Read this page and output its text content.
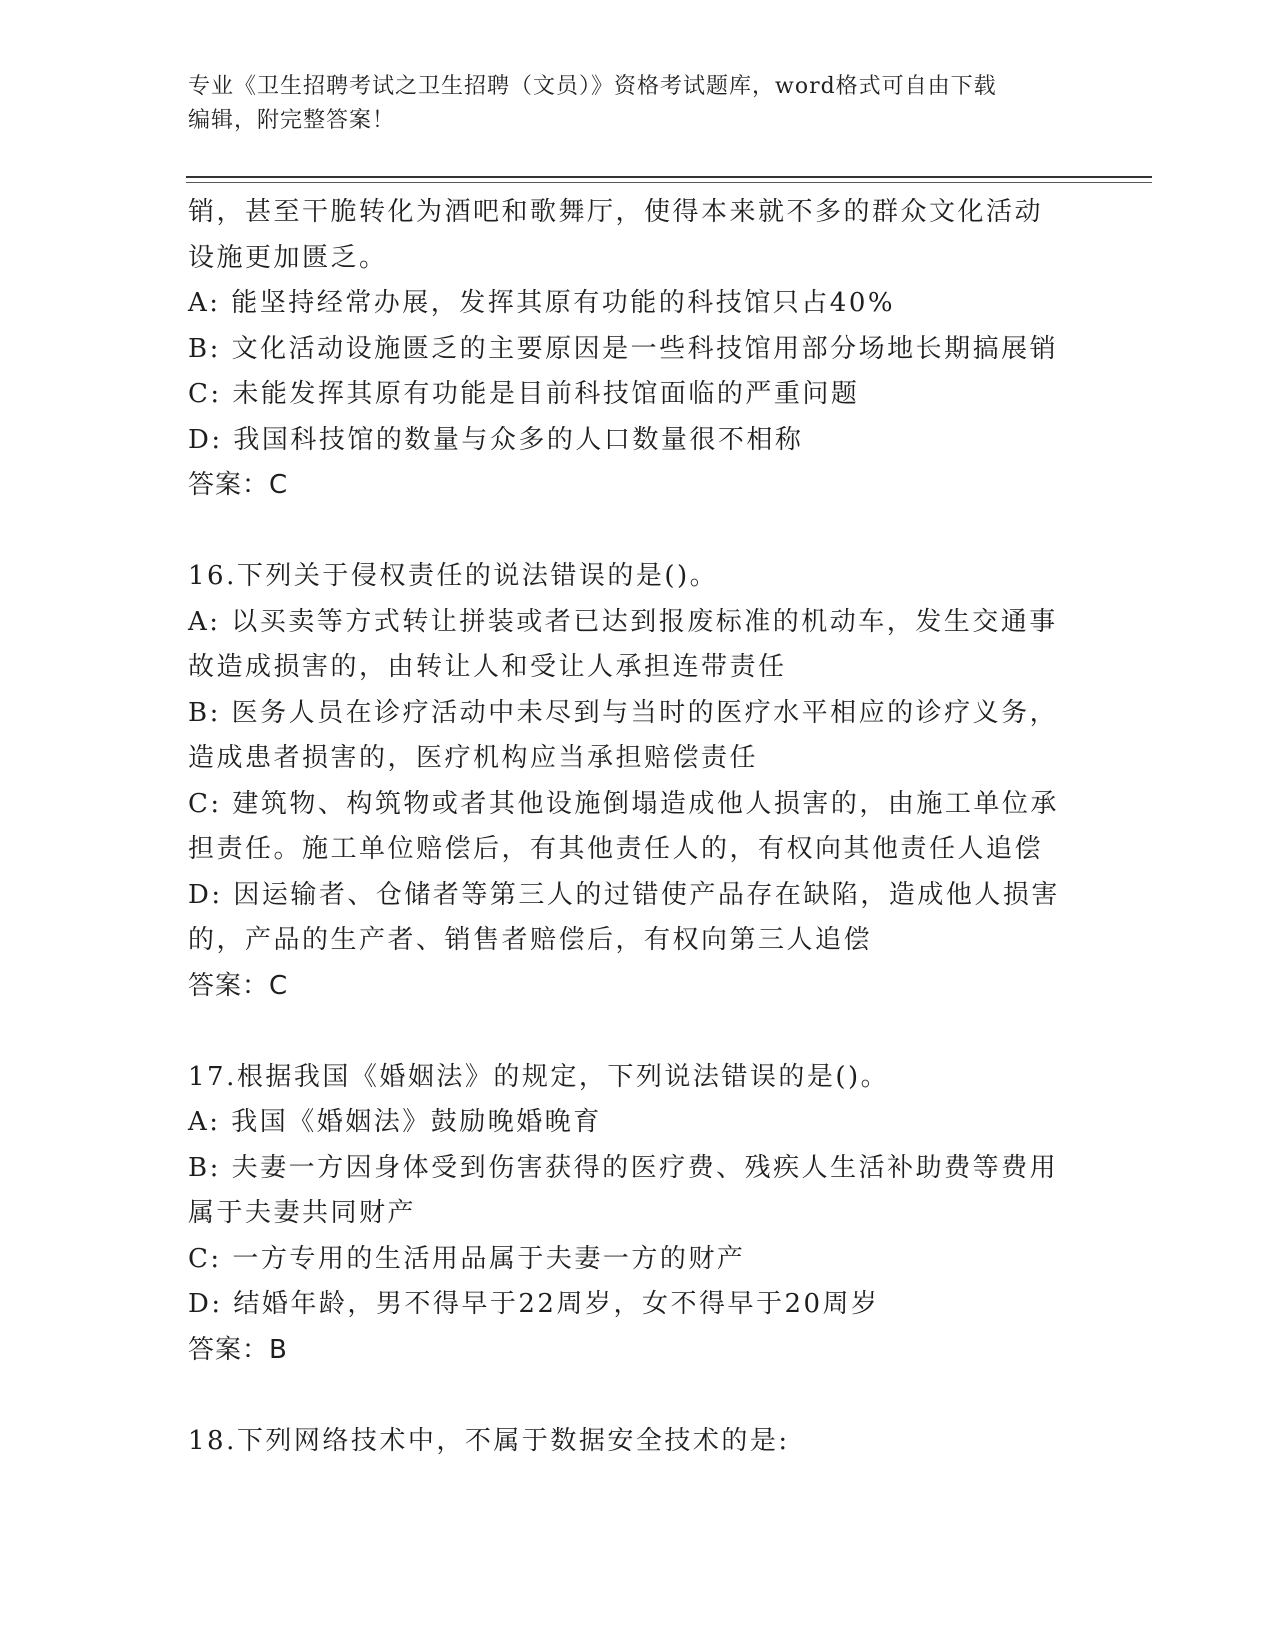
专业《卫生招聘考试之卫生招聘（文员）》资格考试题库，word格式可自由下载
编辑，附完整答案！
销，甚至干脆转化为酒吧和歌舞厅，使得本来就不多的群众文化活动
设施更加匮乏。
A: 能坚持经常办展，发挥其原有功能的科技馆只占40%
B: 文化活动设施匮乏的主要原因是一些科技馆用部分场地长期搞展销
C: 未能发挥其原有功能是目前科技馆面临的严重问题
D: 我国科技馆的数量与众多的人口数量很不相称
答案：C
16.下列关于侵权责任的说法错误的是()。
A: 以买卖等方式转让拼装或者已达到报废标准的机动车，发生交通事
故造成损害的，由转让人和受让人承担连带责任
B: 医务人员在诊疗活动中未尽到与当时的医疗水平相应的诊疗义务，
造成患者损害的，医疗机构应当承担赔偿责任
C: 建筑物、构筑物或者其他设施倒塌造成他人损害的，由施工单位承
担责任。施工单位赔偿后，有其他责任人的，有权向其他责任人追偿
D: 因运输者、仓储者等第三人的过错使产品存在缺陷，造成他人损害
的，产品的生产者、销售者赔偿后，有权向第三人追偿
答案：C
17.根据我国《婚姻法》的规定，下列说法错误的是()。
A: 我国《婚姻法》鼓励晚婚晚育
B: 夫妻一方因身体受到伤害获得的医疗费、残疾人生活补助费等费用
属于夫妻共同财产
C: 一方专用的生活用品属于夫妻一方的财产
D: 结婚年龄，男不得早于22周岁，女不得早于20周岁
答案：B
18.下列网络技术中，不属于数据安全技术的是:
